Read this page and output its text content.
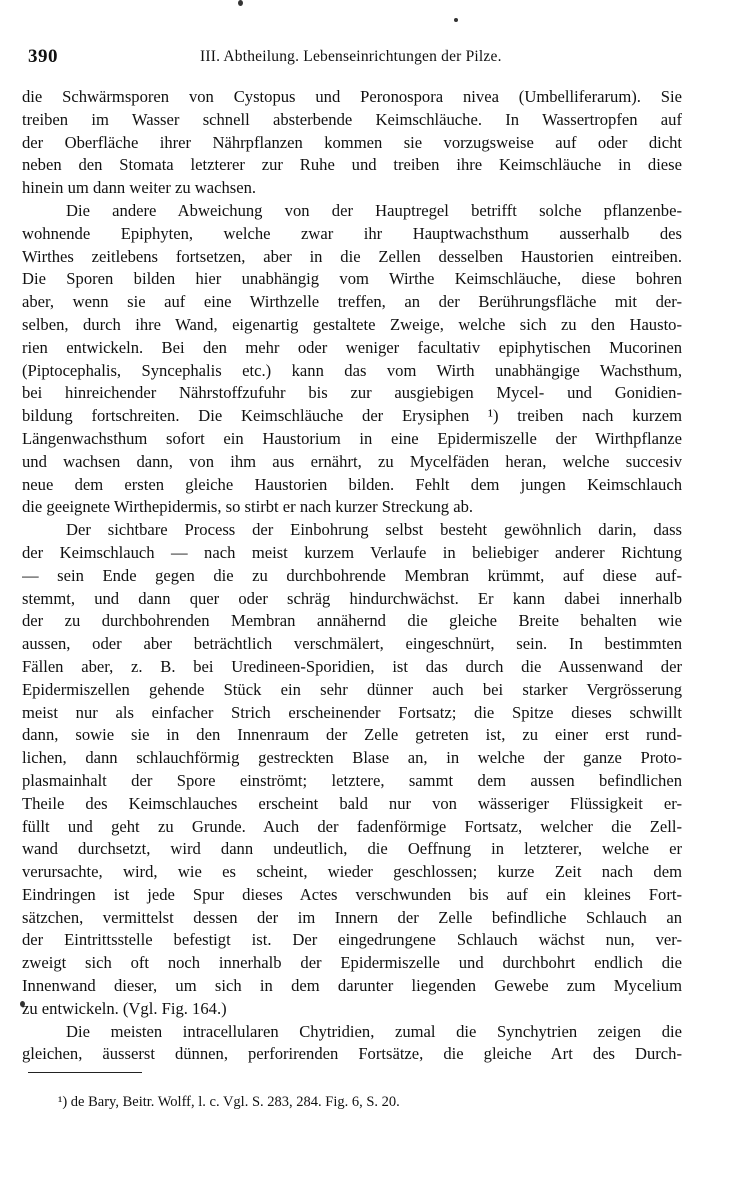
390	III. Abtheilung. Lebenseinrichtungen der Pilze.
die Schwärmsporen von Cystopus und Peronospora nivea (Umbelliferarum). Sie
treiben im Wasser schnell absterbende Keimschläuche. In Wassertropfen auf
der Oberfläche ihrer Nährpflanzen kommen sie vorzugsweise auf oder dicht
neben den Stomata letzterer zur Ruhe und treiben ihre Keimschläuche in diese
hinein um dann weiter zu wachsen.
Die andere Abweichung von der Hauptregel betrifft solche pflanzenbe-
wohnende Epiphyten, welche zwar ihr Hauptwachsthum ausserhalb des
Wirthes zeitlebens fortsetzen, aber in die Zellen desselben Haustorien eintreiben.
Die Sporen bilden hier unabhängig vom Wirthe Keimschläuche, diese bohren
aber, wenn sie auf eine Wirthzelle treffen, an der Berührungsfläche mit der-
selben, durch ihre Wand, eigenartig gestaltete Zweige, welche sich zu den Hausto-
rien entwickeln. Bei den mehr oder weniger facultativ epiphytischen Mucorinen
(Piptocephalis, Syncephalis etc.) kann das vom Wirth unabhängige Wachsthum,
bei hinreichender Nährstoffzufuhr bis zur ausgiebigen Mycel- und Gonidien-
bildung fortschreiten. Die Keimschläuche der Erysiphen ¹) treiben nach kurzem
Längenwachsthum sofort ein Haustorium in eine Epidermiszelle der Wirthpflanze
und wachsen dann, von ihm aus ernährt, zu Mycelfäden heran, welche succesiv
neue dem ersten gleiche Haustorien bilden. Fehlt dem jungen Keimschlauch
die geeignete Wirthepidermis, so stirbt er nach kurzer Streckung ab.
Der sichtbare Process der Einbohrung selbst besteht gewöhnlich darin, dass
der Keimschlauch — nach meist kurzem Verlaufe in beliebiger anderer Richtung
— sein Ende gegen die zu durchbohrende Membran krümmt, auf diese auf-
stemmt, und dann quer oder schräg hindurchwächst. Er kann dabei innerhalb
der zu durchbohrenden Membran annähernd die gleiche Breite behalten wie
aussen, oder aber beträchtlich verschmälert, eingeschnürt, sein. In bestimmten
Fällen aber, z. B. bei Uredineen-Sporidien, ist das durch die Aussenwand der
Epidermiszellen gehende Stück ein sehr dünner auch bei starker Vergrösserung
meist nur als einfacher Strich erscheinender Fortsatz; die Spitze dieses schwillt
dann, sowie sie in den Innenraum der Zelle getreten ist, zu einer erst rund-
lichen, dann schlauchförmig gestreckten Blase an, in welche der ganze Proto-
plasmainhalt der Spore einströmt; letztere, sammt dem aussen befindlichen
Theile des Keimschlauches erscheint bald nur von wässeriger Flüssigkeit er-
füllt und geht zu Grunde. Auch der fadenförmige Fortsatz, welcher die Zell-
wand durchsetzt, wird dann undeutlich, die Oeffnung in letzterer, welche er
verursachte, wird, wie es scheint, wieder geschlossen; kurze Zeit nach dem
Eindringen ist jede Spur dieses Actes verschwunden bis auf ein kleines Fort-
sätzchen, vermittelst dessen der im Innern der Zelle befindliche Schlauch an
der Eintrittsstelle befestigt ist. Der eingedrungene Schlauch wächst nun, ver-
zweigt sich oft noch innerhalb der Epidermiszelle und durchbohrt endlich die
Innenwand dieser, um sich in dem darunter liegenden Gewebe zum Mycelium
zu entwickeln. (Vgl. Fig. 164.)
Die meisten intracellularen Chytridien, zumal die Synchytrien zeigen die
gleichen, äusserst dünnen, perforirenden Fortsätze, die gleiche Art des Durch-
¹) de Bary, Beitr. Wolff, l. c. Vgl. S. 283, 284. Fig. 6, S. 20.
